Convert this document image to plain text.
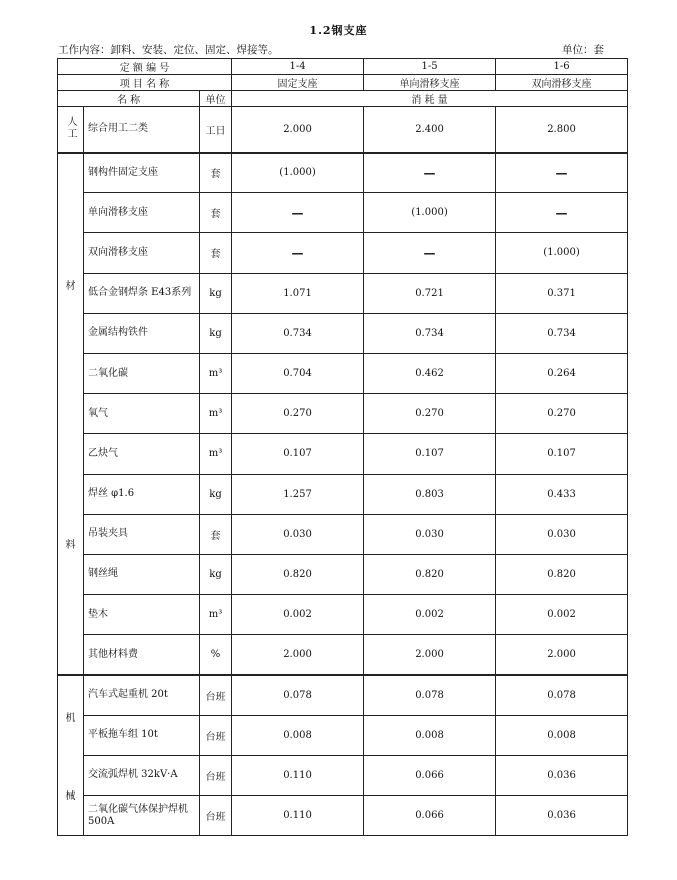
1.2钢支座
工作内容：卸料、安装、定位、固定、焊接等。	单位：套
定 额 编 号			1-4	1-5	1-6
项 目 名 称			固定支座	单向滑移支座	双向滑移支座
名 称		单位	消 耗 量		
人工	综合用工二类	工日	2.000	2.400	2.800

材
料	钢构件固定支座	套	(1.000)	—	—
	单向滑移支座	套	—	(1.000)	—
	双向滑移支座	套	—	—	(1.000)
	低合金钢焊条 E43系列	kg	1.071	0.721	0.371
	金属结构铁件	kg	0.734	0.734	0.734
	二氧化碳	m³	0.704	0.462	0.264
	氧气	m³	0.270	0.270	0.270
	乙炔气	m³	0.107	0.107	0.107
	焊丝 φ1.6	kg	1.257	0.803	0.433
	吊装夹具	套	0.030	0.030	0.030
	钢丝绳	kg	0.820	0.820	0.820
	垫木	m³	0.002	0.002	0.002
	其他材料费	%	2.000	2.000	2.000

机
械	汽车式起重机 20t	台班	0.078	0.078	0.078
	平板拖车组 10t	台班	0.008	0.008	0.008
	交流弧焊机 32kV·A	台班	0.110	0.066	0.036
	二氧化碳气体保护焊机 500A	台班	0.110	0.066	0.036
